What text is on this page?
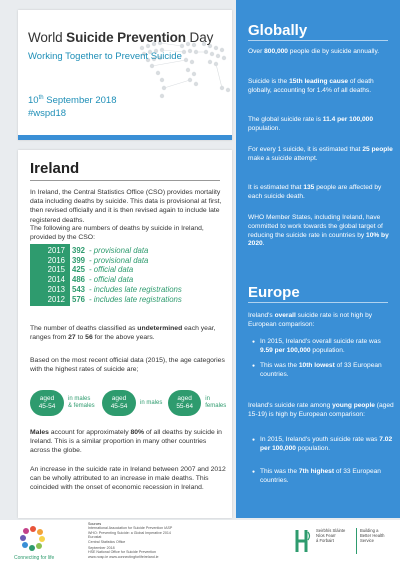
World Suicide Prevention Day
Working Together to Prevent Suicide
10th September 2018
#wspd18
Ireland

In Ireland, the Central Statistics Office (CSO) provides mortality data including deaths by suicide. This data is provisional at first, then revised officially and it is then revised again to include late registered deaths.

The following are numbers of deaths by suicide in Ireland, provided by the CSO:

2017 392 - provisional data
2016 399 - provisional data
2015 425 - official data
2014 486 - official data
2013 543 - includes late registrations
2012 576 - includes late registrations

The number of deaths classified as undetermined each year, ranges from 27 to 56 for the above years.

Based on the most recent official data (2015), the age categories with the highest rates of suicide are;

aged
45-54
in males
& females
aged
45-54
in males
aged
55-64
in females

Males account for approximately 80% of all deaths by suicide in Ireland. This is a similar proportion in many other countries across the globe.

An increase in the suicide rate in Ireland between 2007 and 2012 can be wholly attributed to an increase in male deaths. This coincided with the onset of economic recession in Ireland.

Globally

Over 800,000 people die by suicide annually.

Suicide is the 15th leading cause of death globally, accounting for 1.4% of all deaths.

The global suicide rate is 11.4 per 100,000 population.

For every 1 suicide, it is estimated that 25 people make a suicide attempt.

It is estimated that 135 people are affected by each suicide death.

WHO Member States, including Ireland, have committed to work towards the global target of reducing the suicide rate in countries by 10% by 2020.

Europe

Ireland's overall suicide rate is not high by European comparison:

● In 2015, Ireland's overall suicide rate was 9.59 per 100,000 population.

● This was the 10th lowest of 33 European countries.

Ireland's suicide rate among young people (aged 15-19) is high by European comparison:

● In 2015, Ireland's youth suicide rate was 7.02 per 100,000 population.

● This was the 7th highest of 33 European countries.

Connecting for life
Sources
International Association for Suicide Prevention IASP
WHO: Preventing Suicide: a Global Imperative 2014
Eurostat
Central Statistics Office
September 2018
HSE National Office for Suicide Prevention
www.nosp.ie www.connectingforlifeireland.ie
Seirbhís Sláinte
Níos Fearr
á Forbairt
Building a
Better Health
Service
